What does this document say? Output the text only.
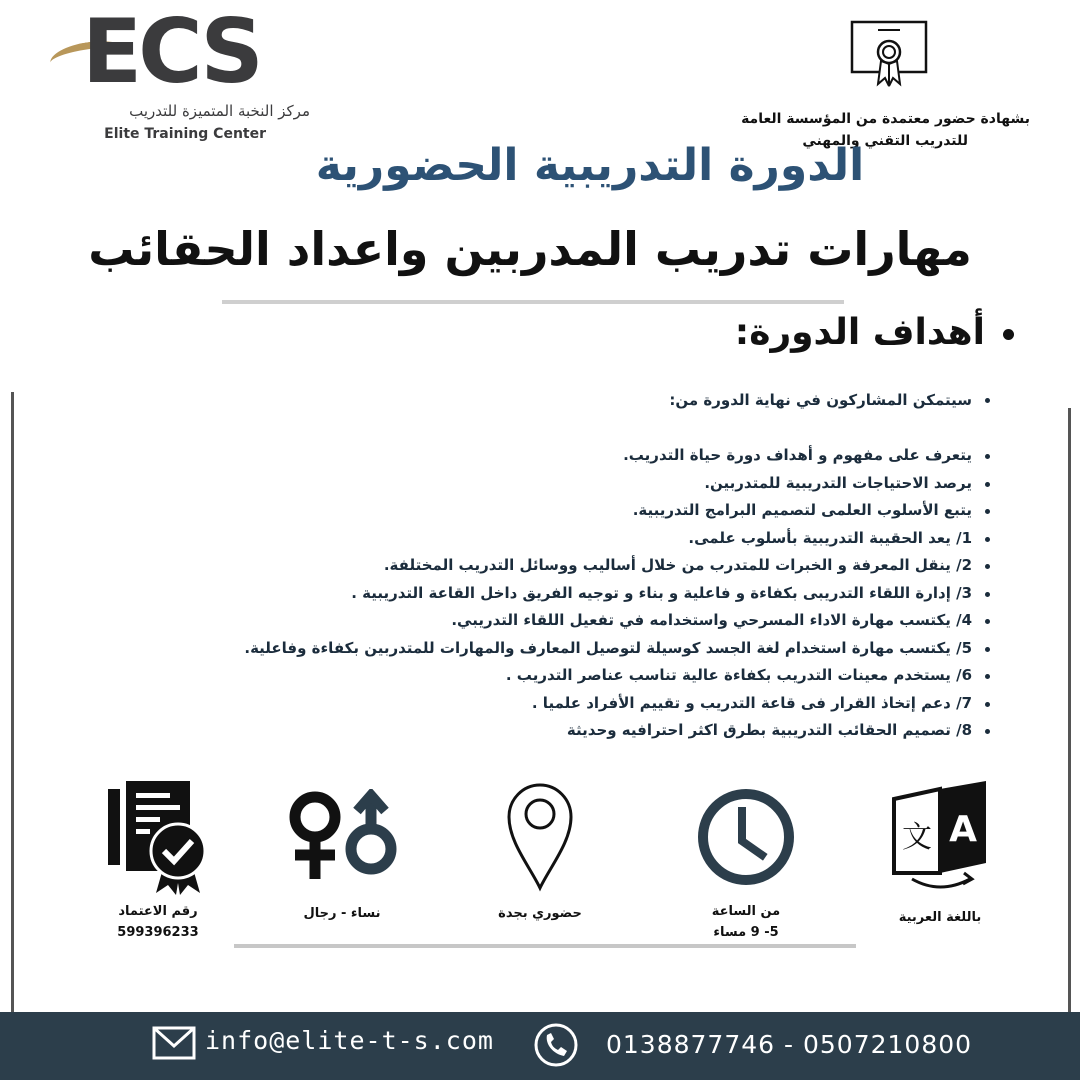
ECS
مركز النخبة المتميزة للتدريب
Elite Training Center
بشهادة حضور معتمدة من المؤسسة العامة
للتدريب التقني والمهني
الدورة التدريبية الحضورية
مهارات تدريب المدربين واعداد الحقائب
أهداف الدورة:
سيتمكن المشاركون في نهاية الدورة من:
يتعرف على مفهوم و أهداف دورة حياة التدريب.
يرصد الاحتياجات التدريبية للمتدربين.
يتبع الأسلوب العلمى لتصميم البرامج التدريبية.
1/ يعد الحقيبة التدريبية بأسلوب علمى.
2/ ينقل المعرفة و الخبرات للمتدرب من خلال أساليب ووسائل التدريب المختلفة.
3/ إدارة اللقاء التدريبى بكفاءة و فاعلية و بناء و توجيه الفريق داخل القاعة التدريبية .
4/ يكتسب مهارة الاداء المسرحي واستخدامه في تفعيل اللقاء التدريبي.
5/ يكتسب مهارة استخدام لغة الجسد كوسيلة لتوصيل المعارف والمهارات للمتدربين بكفاءة وفاعلية.
6/ يستخدم معينات التدريب بكفاءة عالية تناسب عناصر التدريب .
7/ دعم إتخاذ القرار فى قاعة التدريب و تقييم الأفراد علميا .
8/ تصميم الحقائب التدريبية بطرق اكثر احترافيه وحديثة
A
文
باللغة العربية
من الساعة
5- 9 مساء
حضوري بجدة
نساء - رجال
رقم الاعتماد
599396233
info@elite-t-s.com	0138877746 - 0507210800
